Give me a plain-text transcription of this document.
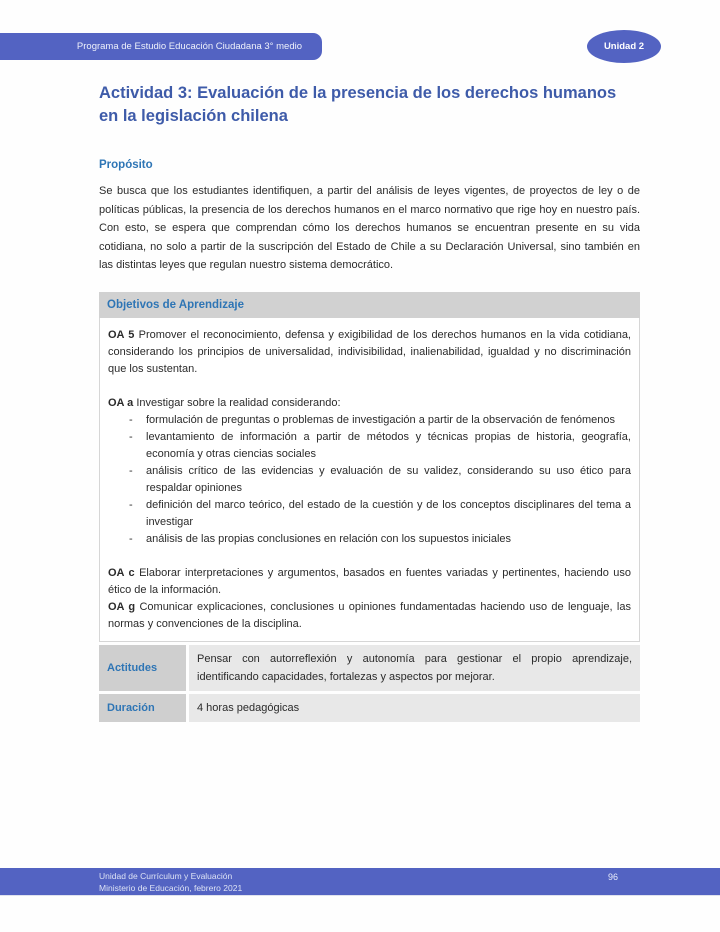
Programa de Estudio Educación Ciudadana 3° medio	Unidad 2
Actividad 3: Evaluación de la presencia de los derechos humanos en la legislación chilena
Propósito

Se busca que los estudiantes identifiquen, a partir del análisis de leyes vigentes, de proyectos de ley o de políticas públicas, la presencia de los derechos humanos en el marco normativo que rige hoy en nuestro país. Con esto, se espera que comprendan cómo los derechos humanos se encuentran presente en su vida cotidiana, no solo a partir de la suscripción del Estado de Chile a su Declaración Universal, sino también en las distintas leyes que regulan nuestro sistema democrático.

Objetivos de Aprendizaje

OA 5 Promover el reconocimiento, defensa y exigibilidad de los derechos humanos en la vida cotidiana, considerando los principios de universalidad, indivisibilidad, inalienabilidad, igualdad y no discriminación que los sustentan.

OA a Investigar sobre la realidad considerando:

- formulación de preguntas o problemas de investigación a partir de la observación de fenómenos
- levantamiento de información a partir de métodos y técnicas propias de historia, geografía, economía y otras ciencias sociales
- análisis crítico de las evidencias y evaluación de su validez, considerando su uso ético para respaldar opiniones
- definición del marco teórico, del estado de la cuestión y de los conceptos disciplinares del tema a investigar
- análisis de las propias conclusiones en relación con los supuestos iniciales

OA c Elaborar interpretaciones y argumentos, basados en fuentes variadas y pertinentes, haciendo uso ético de la información.

OA g Comunicar explicaciones, conclusiones u opiniones fundamentadas haciendo uso de lenguaje, las normas y convenciones de la disciplina.

Actitudes
Pensar con autorreflexión y autonomía para gestionar el propio aprendizaje, identificando capacidades, fortalezas y aspectos por mejorar.
Duración	4 horas pedagógicas
Unidad de Currículum y Evaluación
Ministerio de Educación, febrero 2021
96
